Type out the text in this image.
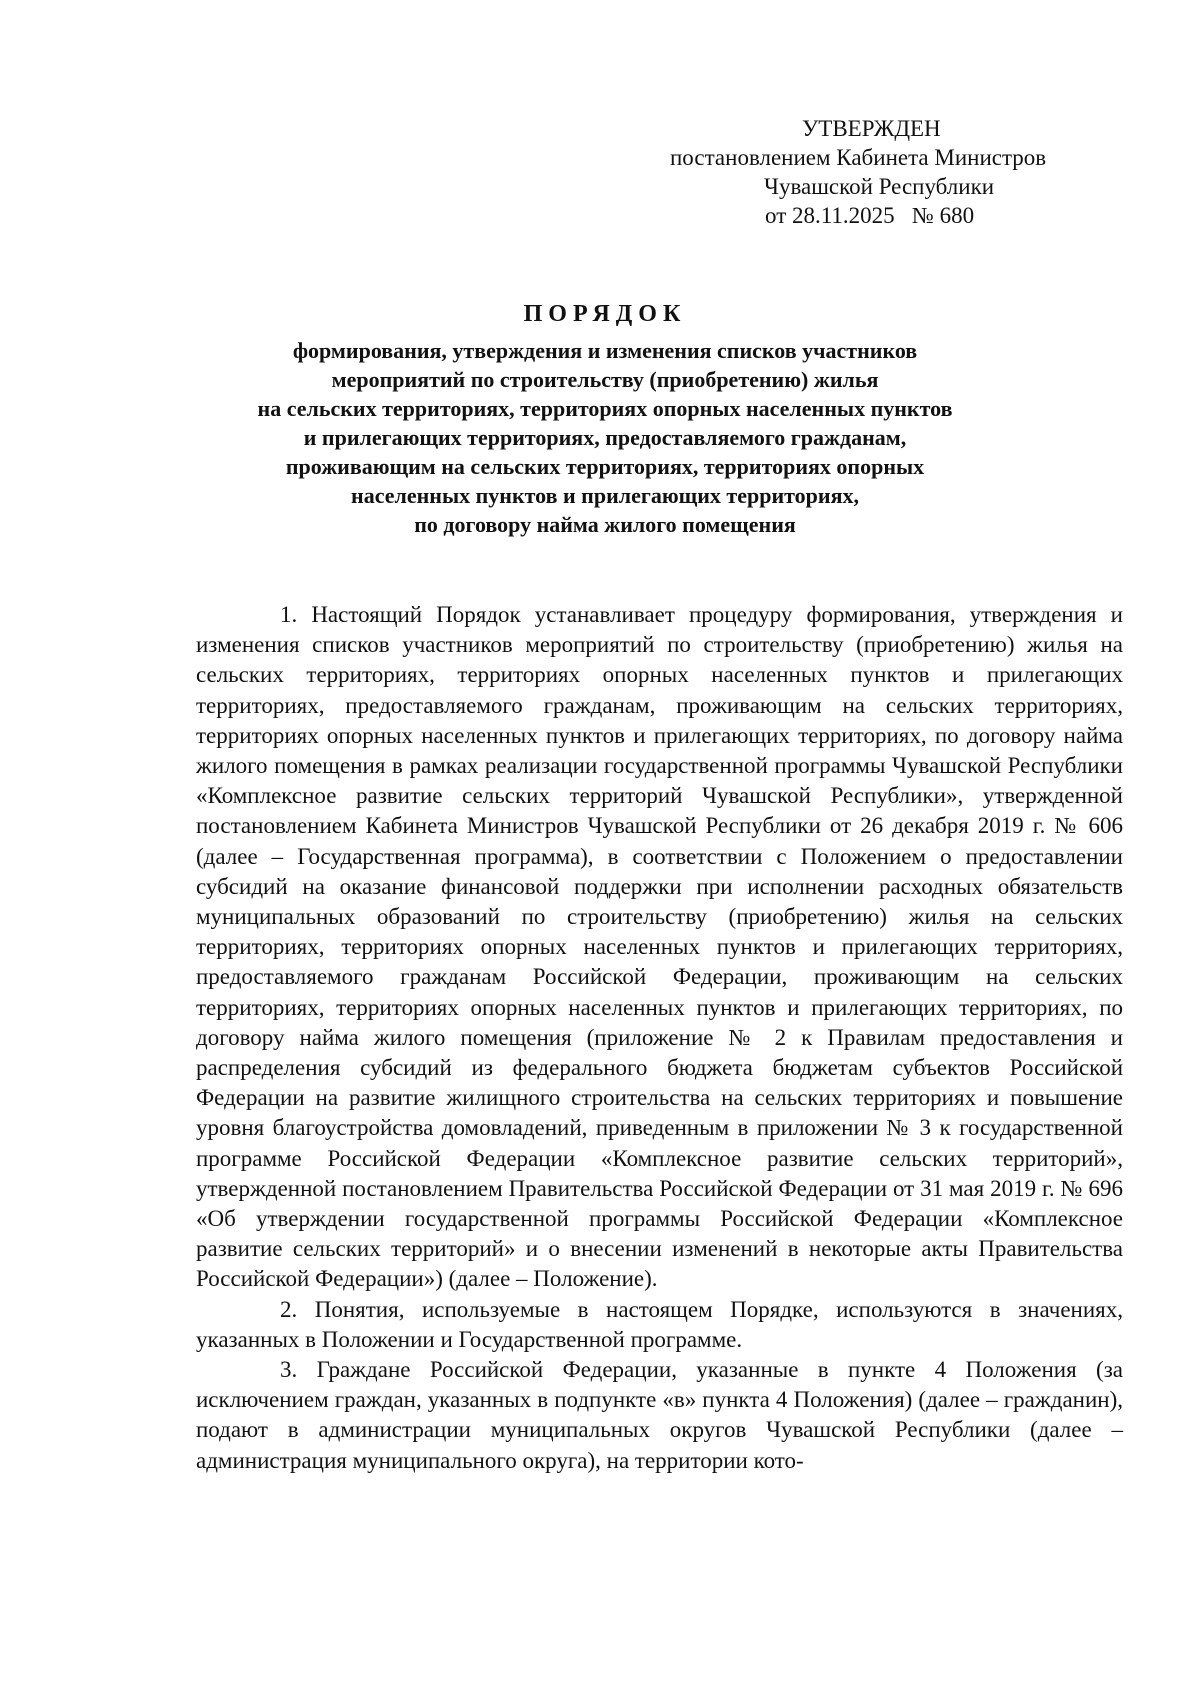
УТВЕРЖДЕН
постановлением Кабинета Министров
Чувашской Республики
от 28.11.2025   № 680
ПОРЯДОК
формирования, утверждения и изменения списков участников
мероприятий по строительству (приобретению) жилья
на сельских территориях, территориях опорных населенных пунктов
и прилегающих территориях, предоставляемого гражданам,
проживающим на сельских территориях, территориях опорных
населенных пунктов и прилегающих территориях,
по договору найма жилого помещения

1. Настоящий Порядок устанавливает процедуру формирования, утверждения и изменения списков участников мероприятий по строительству (приобретению) жилья на сельских территориях, территориях опорных населенных пунктов и прилегающих территориях, предоставляемого гражданам, проживающим на сельских территориях, территориях опорных населенных пунктов и прилегающих территориях, по договору найма жилого помещения в рамках реализации государственной программы Чувашской Республики «Комплексное развитие сельских территорий Чувашской Республики», утвержденной постановлением Кабинета Министров Чувашской Республики от 26 декабря 2019 г. № 606 (далее – Государственная программа), в соответствии с Положением о предоставлении субсидий на оказание финансовой поддержки при исполнении расходных обязательств муниципальных образований по строительству (приобретению) жилья на сельских территориях, территориях опорных населенных пунктов и прилегающих территориях, предоставляемого гражданам Российской Федерации, проживающим на сельских территориях, территориях опорных населенных пунктов и прилегающих территориях, по договору найма жилого помещения (приложение № 2 к Правилам предоставления и распределения субсидий из федерального бюджета бюджетам субъектов Российской Федерации на развитие жилищного строительства на сельских территориях и повышение уровня благоустройства домовладений, приведенным в приложении № 3 к государственной программе Российской Федерации «Комплексное развитие сельских территорий», утвержденной постановлением Правительства Российской Федерации от 31 мая 2019 г. № 696 «Об утверждении государственной программы Российской Федерации «Комплексное развитие сельских территорий» и о внесении изменений в некоторые акты Правительства Российской Федерации») (далее – Положение).

2. Понятия, используемые в настоящем Порядке, используются в значениях, указанных в Положении и Государственной программе.

3. Граждане Российской Федерации, указанные в пункте 4 Положения (за исключением граждан, указанных в подпункте «в» пункта 4 Положения) (далее – гражданин), подают в администрации муниципальных округов Чувашской Республики (далее – администрация муниципального округа), на территории кото-
